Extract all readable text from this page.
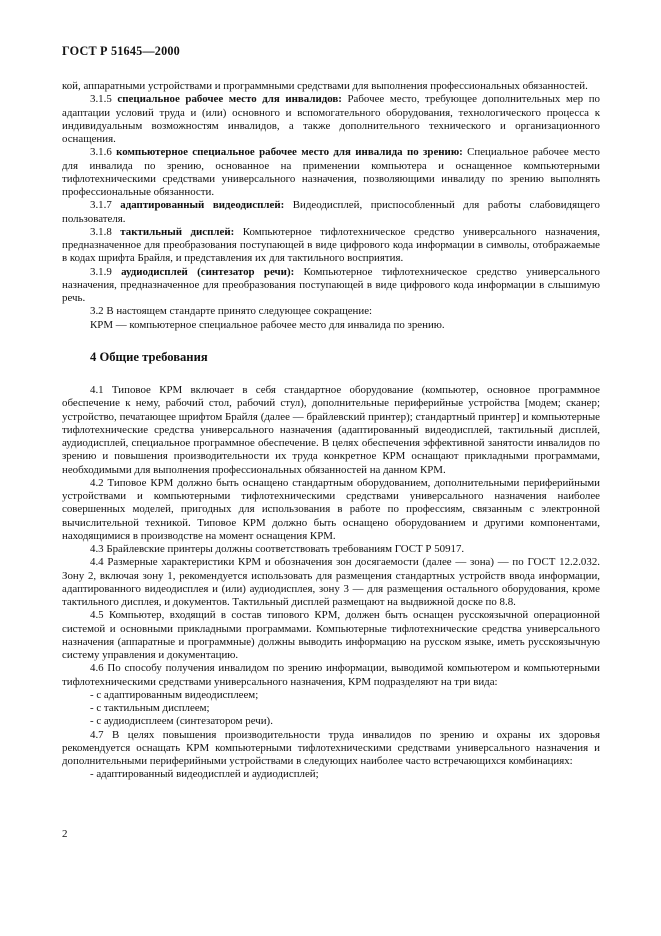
ГОСТ Р 51645—2000

кой, аппаратными устройствами и программными средствами для выполнения профессиональных обязанностей.

3.1.5 специальное рабочее место для инвалидов: Рабочее место, требующее дополнительных мер по адаптации условий труда и (или) основного и вспомогательного оборудования, технологического процесса к индивидуальным возможностям инвалидов, а также дополнительного технического и организационного оснащения.

3.1.6 компьютерное специальное рабочее место для инвалида по зрению: Специальное рабочее место для инвалида по зрению, основанное на применении компьютера и оснащенное компьютерными тифлотехническими средствами универсального назначения, позволяющими инвалиду по зрению выполнять профессиональные обязанности.

3.1.7 адаптированный видеодисплей: Видеодисплей, приспособленный для работы слабовидящего пользователя.

3.1.8 тактильный дисплей: Компьютерное тифлотехническое средство универсального назначения, предназначенное для преобразования поступающей в виде цифрового кода информации в символы, отображаемые в кодах шрифта Брайля, и представления их для тактильного восприятия.

3.1.9 аудиодисплей (синтезатор речи): Компьютерное тифлотехническое средство универсального назначения, предназначенное для преобразования поступающей в виде цифрового кода информации в слышимую речь.

3.2 В настоящем стандарте принято следующее сокращение:

КРМ — компьютерное специальное рабочее место для инвалида по зрению.

4 Общие требования

4.1 Типовое КРМ включает в себя стандартное оборудование (компьютер, основное программное обеспечение к нему, рабочий стол, рабочий стул), дополнительные периферийные устройства [модем; сканер; устройство, печатающее шрифтом Брайля (далее — брайлевский принтер); стандартный принтер] и компьютерные тифлотехнические средства универсального назначения (адаптированный видеодисплей, тактильный дисплей, аудиодисплей, специальное программное обеспечение. В целях обеспечения эффективной занятости инвалидов по зрению и повышения производительности их труда конкретное КРМ оснащают прикладными программами, необходимыми для выполнения профессиональных обязанностей на данном КРМ.

4.2 Типовое КРМ должно быть оснащено стандартным оборудованием, дополнительными периферийными устройствами и компьютерными тифлотехническими средствами универсального назначения наиболее совершенных моделей, пригодных для использования в работе по профессиям, связанным с электронной вычислительной техникой. Типовое КРМ должно быть оснащено оборудованием и другими компонентами, находящимися в производстве на момент оснащения КРМ.

4.3 Брайлевские принтеры должны соответствовать требованиям ГОСТ Р 50917.

4.4 Размерные характеристики КРМ и обозначения зон досягаемости (далее — зона) — по ГОСТ 12.2.032. Зону 2, включая зону 1, рекомендуется использовать для размещения стандартных устройств ввода информации, адаптированного видеодисплея и (или) аудиодисплея, зону 3 — для размещения остального оборудования, кроме тактильного дисплея, и документов. Тактильный дисплей размещают на выдвижной доске по 8.8.

4.5 Компьютер, входящий в состав типового КРМ, должен быть оснащен русскоязычной операционной системой и основными прикладными программами. Компьютерные тифлотехнические средства универсального назначения (аппаратные и программные) должны выводить информацию на русском языке, иметь русскоязычную систему управления и документацию.

4.6 По способу получения инвалидом по зрению информации, выводимой компьютером и компьютерными тифлотехническими средствами универсального назначения, КРМ подразделяют на три вида:

- с адаптированным видеодисплеем;

- с тактильным дисплеем;

- с аудиодисплеем (синтезатором речи).

4.7 В целях повышения производительности труда инвалидов по зрению и охраны их здоровья рекомендуется оснащать КРМ компьютерными тифлотехническими средствами универсального назначения и дополнительными периферийными устройствами в следующих наиболее часто встречающихся комбинациях:

- адаптированный видеодисплей и аудиодисплей;

2
